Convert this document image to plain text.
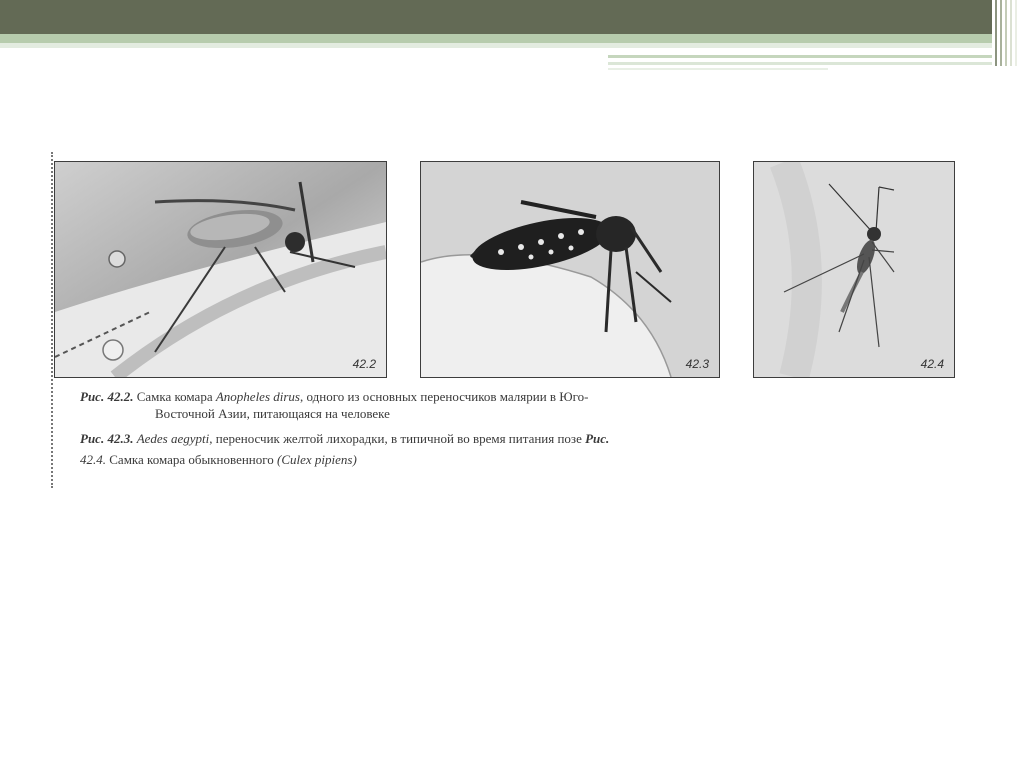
42.2	42.3	42.4
Рис. 42.2. Самка комара Anopheles dirus, одного из основных переносчиков малярии в Юго-
Восточной Азии, питающаяся на человеке
Рис. 42.3. Aedes aegypti, переносчик желтой лихорадки, в типичной во время питания позе Рис.
42.4. Самка комара обыкновенного (Culex pipiens)
